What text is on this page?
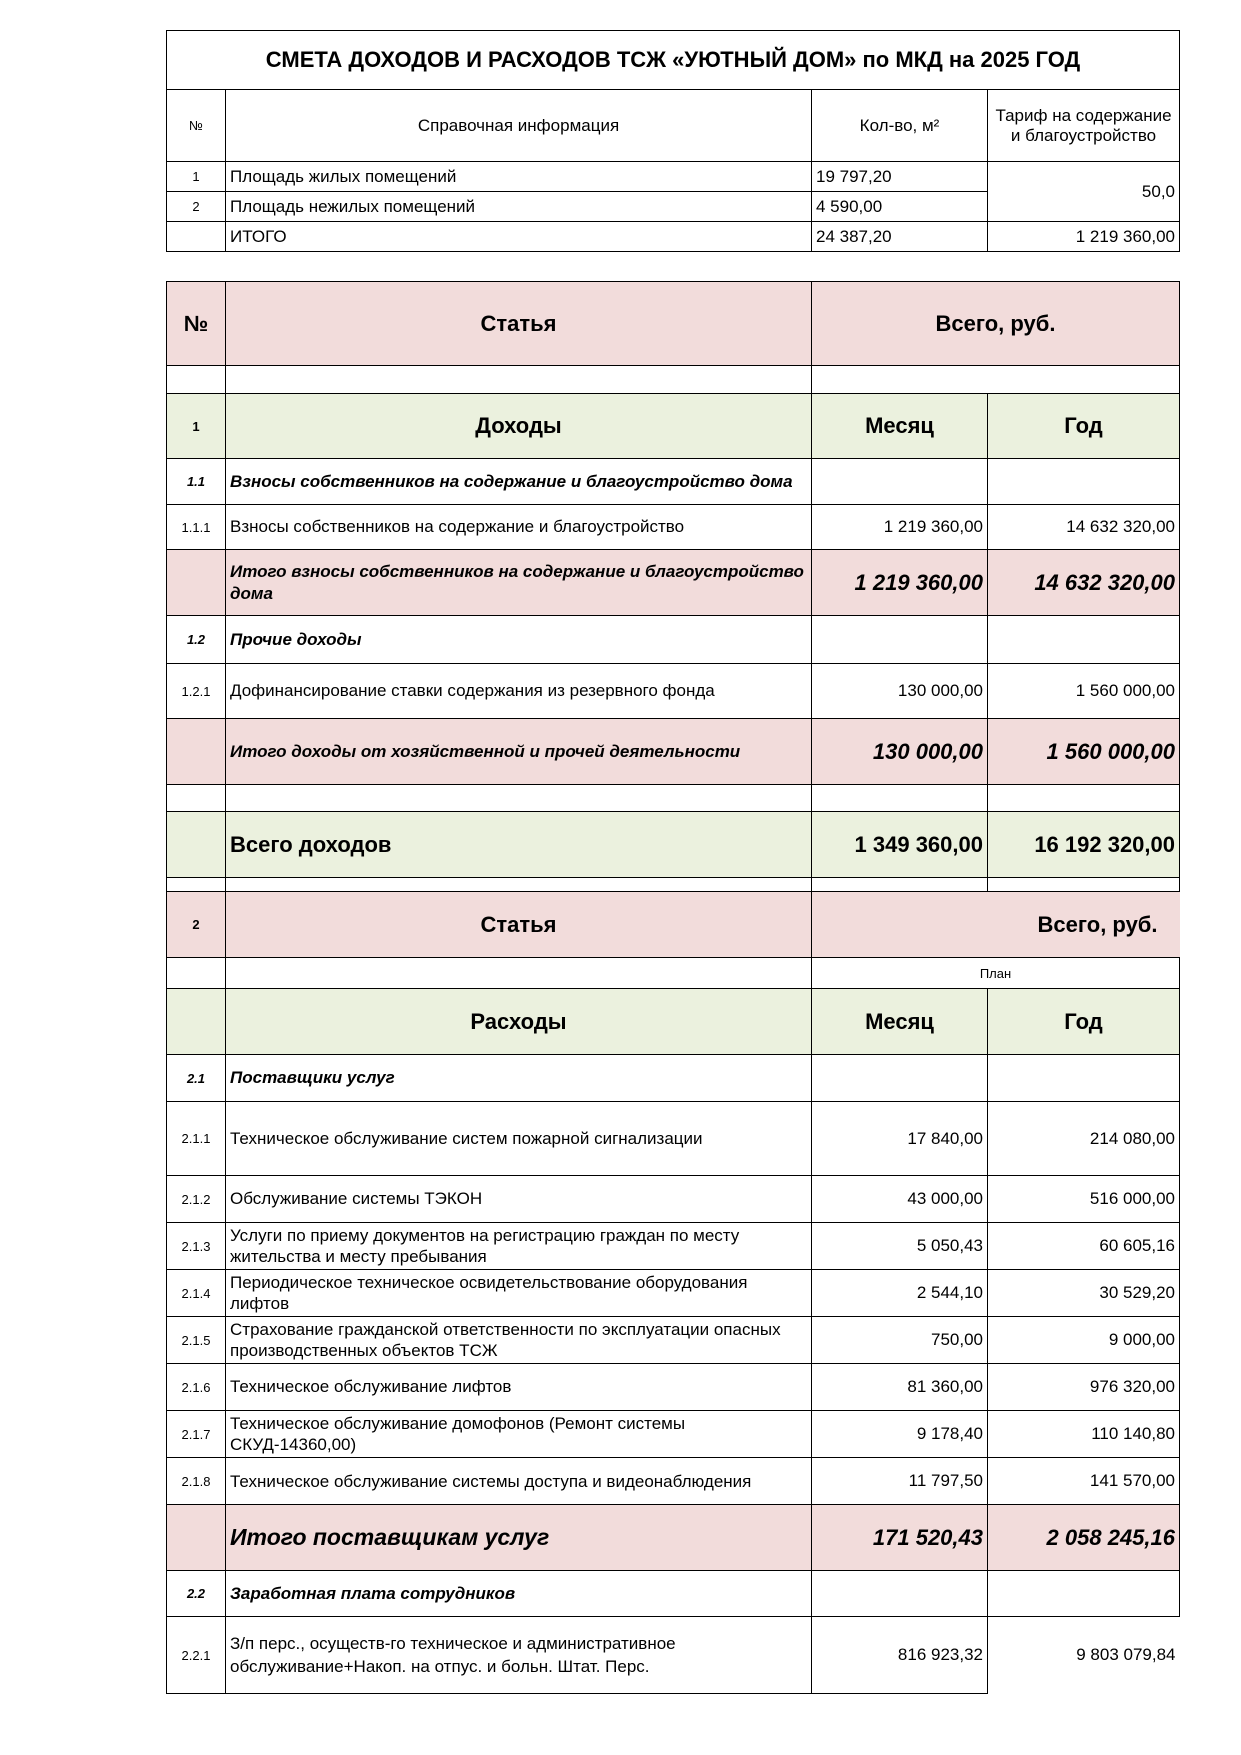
СМЕТА ДОХОДОВ И РАСХОДОВ ТСЖ «УЮТНЫЙ ДОМ» по МКД на 2025 ГОД			
№	Справочная информация	Кол-во, м²	Тариф на содержание и благоустройство
1	Площадь жилых помещений	19 797,20	50,0
2	Площадь нежилых помещений	4 590,00	
	ИТОГО	24 387,20	1 219 360,00
№	Статья	Всего, руб.	

1	Доходы	Месяц	Год
1.1	Взносы собственников на содержание и благоустройство дома		
1.1.1	Взносы собственников на содержание и благоустройство	1 219 360,00	14 632 320,00
	Итого взносы собственников на содержание и благоустройство дома	1 219 360,00	14 632 320,00
1.2	Прочие доходы		
1.2.1	Дофинансирование ставки содержания из резервного фонда	130 000,00	1 560 000,00
	Итого доходы от хозяйственной и прочей деятельности	130 000,00	1 560 000,00

	Всего доходов	1 349 360,00	16 192 320,00

2	Статья	Всего, руб.	
		План	
	Расходы	Месяц	Год
2.1	Поставщики услуг		
2.1.1	Техническое обслуживание систем пожарной сигнализации	17 840,00	214 080,00
2.1.2	Обслуживание системы ТЭКОН	43 000,00	516 000,00
2.1.3	Услуги по приему документов на регистрацию граждан по месту жительства и месту пребывания	5 050,43	60 605,16
2.1.4	Периодическое техническое освидетельствование оборудования лифтов	2 544,10	30 529,20
2.1.5	Страхование гражданской ответственности по эксплуатации опасных производственных объектов ТСЖ	750,00	9 000,00
2.1.6	Техническое обслуживание лифтов	81 360,00	976 320,00
2.1.7	Техническое обслуживание домофонов (Ремонт системы СКУД-14360,00)	9 178,40	110 140,80
2.1.8	Техническое обслуживание системы доступа и видеонаблюдения	11 797,50	141 570,00
	Итого поставщикам услуг	171 520,43	2 058 245,16
2.2	Заработная плата сотрудников		
2.2.1	З/п перс., осуществ-го техническое и административное обслуживание+Накоп. на отпус. и больн. Штат. Перс.	816 923,32	9 803 079,84
